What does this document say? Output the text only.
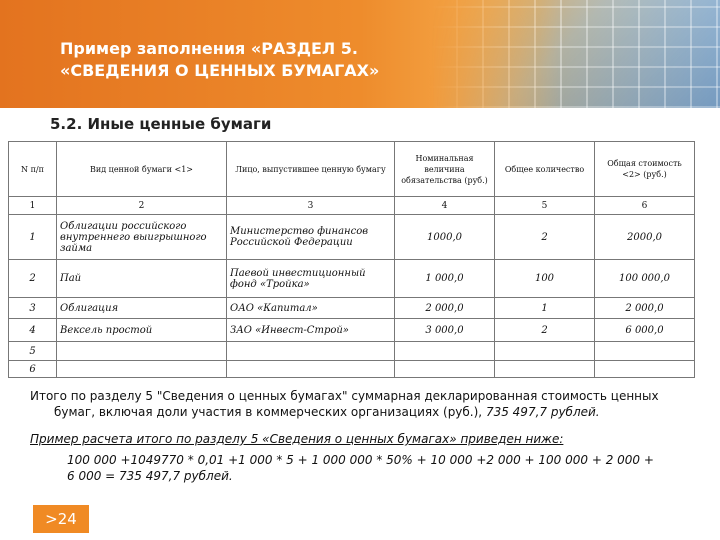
Пример заполнения «РАЗДЕЛ 5.
«СВЕДЕНИЯ О ЦЕННЫХ БУМАГАХ»
5.2. Иные ценные бумаги
N п/п	Вид ценной бумаги <1>	Лицо, выпустившее ценную бумагу	Номинальная величина обязательства (руб.)	Общее количество	Общая стоимость <2> (руб.)
1	2	3	4	5	6
1	Облигации российского внутреннего выигрышного займа	Министерство финансов Российской Федерации	1000,0	2	2000,0
2	Пай	Паевой инвестиционный фонд «Тройка»	1 000,0	100	100 000,0
3	Облигация	ОАО «Капитал»	2 000,0	1	2 000,0
4	Вексель простой	ЗАО «Инвест-Строй»	3 000,0	2	6 000,0
5					
6					
Итого по разделу 5 "Сведения о ценных бумагах" суммарная декларированная стоимость ценных
бумаг, включая доли участия в коммерческих организациях (руб.), 735 497,7 рублей.
Пример расчета итого по разделу 5 «Сведения о ценных бумагах» приведен ниже:
100 000 +1049770 * 0,01 +1 000 * 5 + 1 000 000 * 50% + 10 000 +2 000 + 100 000 + 2 000 +
6 000 = 735 497,7 рублей.
>24
